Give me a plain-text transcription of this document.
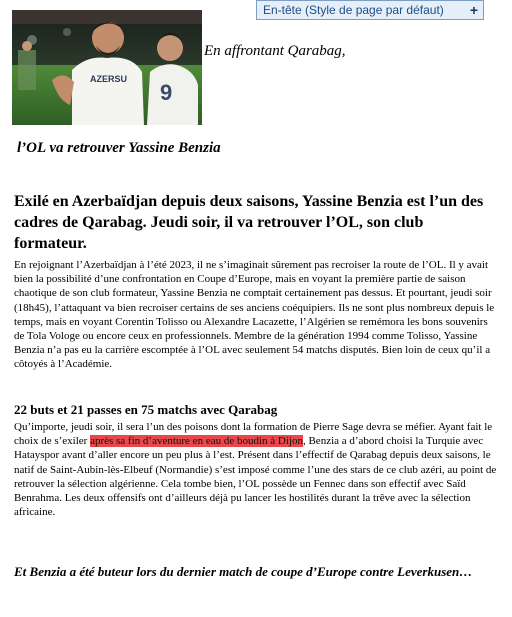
En-tête (Style de page par défaut) +
AZERSU
9
En affrontant Qarabag,
l’OL va retrouver Yassine Benzia
Exilé en Azerbaïdjan depuis deux saisons, Yassine Benzia est l’un des cadres de Qarabag. Jeudi soir, il va retrouver l’OL, son club formateur.
En rejoignant l’Azerbaïdjan à l’été 2023, il ne s’imaginait sûrement pas recroiser la route de l’OL. Il y avait bien la possibilité d’une confrontation en Coupe d’Europe, mais en voyant la première partie de saison chaotique de son club formateur, Yassine Benzia ne comptait certainement pas dessus. Et pourtant, jeudi soir (18h45), l’attaquant va bien recroiser certains de ses anciens coéquipiers. Ils ne sont plus nombreux depuis le temps, mais en voyant Corentin Tolisso ou Alexandre Lacazette, l’Algérien se remémora les bons souvenirs de Tola Vologe ou encore ceux en professionnels. Membre de la génération 1994 comme Tolisso, Yassine Benzia n’a pas eu la carrière escomptée à l’OL avec seulement 54 matchs disputés. Bien loin de ceux qu’il a côtoyés à l’Académie.
22 buts et 21 passes en 75 matchs avec Qarabag
Qu’importe, jeudi soir, il sera l’un des poisons dont la formation de Pierre Sage devra se méfier. Ayant fait le choix de s’exiler après sa fin d’aventure en eau de boudin à Dijon, Benzia a d’abord choisi la Turquie avec Hatayspor avant d’aller encore un peu plus à l’est. Présent dans l’effectif de Qarabag depuis deux saisons, le natif de Saint-Aubin-lès-Elbeuf (Normandie) s’est imposé comme l’une des stars de ce club azéri, au point de retrouver la sélection algérienne. Cela tombe bien, l’OL possède un Fennec dans son effectif avec Saïd Benrahma. Les deux offensifs ont d’ailleurs déjà pu lancer les hostilités durant la trêve avec la sélection africaine.
Et Benzia a été buteur lors du dernier match de coupe d’Europe contre Leverkusen…
